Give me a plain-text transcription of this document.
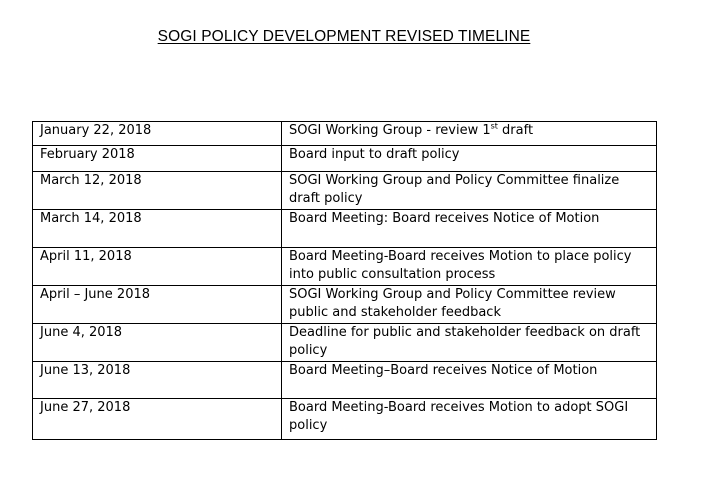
SOGI POLICY DEVELOPMENT REVISED TIMELINE
January 22, 2018	SOGI Working Group - review 1st draft

February 2018	Board input to draft policy

March 12, 2018	SOGI Working Group and Policy Committee finalize draft policy

March 14, 2018	Board Meeting: Board receives Notice of Motion

April 11, 2018	Board Meeting-Board receives Motion to place policy into public consultation process

April – June 2018	SOGI Working Group and Policy Committee review public and stakeholder feedback

June 4, 2018	Deadline for public and stakeholder feedback on draft policy

June 13, 2018	Board Meeting–Board receives Notice of Motion

June 27, 2018	Board Meeting-Board receives Motion to adopt SOGI policy
